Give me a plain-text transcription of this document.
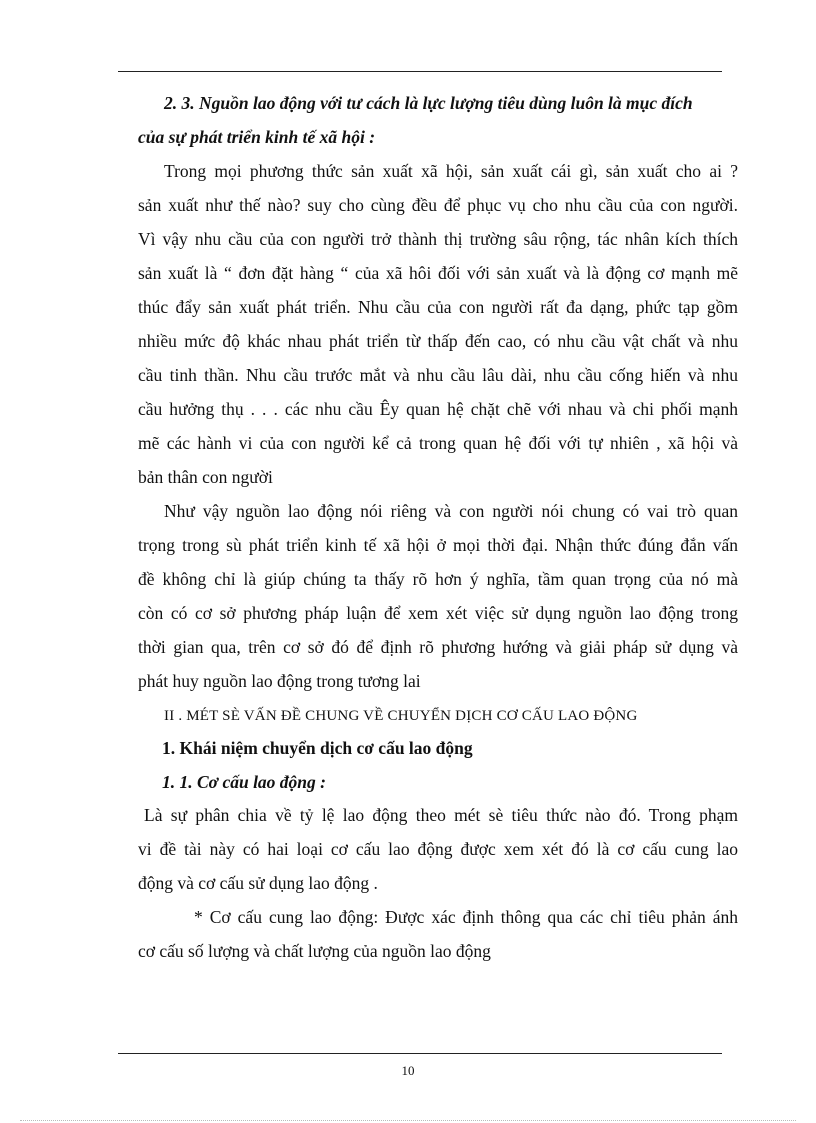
2. 3. Nguồn lao động với tư cách là lực lượng tiêu dùng luôn là mục đích
của sự phát triển kinh tế xã hội :
Trong mọi phương thức sản xuất xã hội, sản xuất cái gì, sản xuất cho ai ?
sản xuất như thế nào? suy cho cùng đều để phục vụ cho nhu cầu của con người.
Vì vậy nhu cầu của con người trở thành thị trường sâu rộng, tác nhân kích thích
sản xuất là “ đơn đặt hàng “ của xã hôi đối với sản xuất và là động cơ mạnh mẽ
thúc đẩy sản xuất phát triển. Nhu cầu của con người rất đa dạng, phức tạp gồm
nhiều mức độ khác nhau phát triển từ thấp đến cao, có nhu cầu vật chất và nhu
cầu tinh thần. Nhu cầu trước mắt và nhu cầu lâu dài, nhu cầu cống hiến và nhu
cầu hưởng thụ . . . các nhu cầu Êy quan hệ chặt chẽ với nhau và chi phối mạnh
mẽ các hành vi của con người kể cả trong quan hệ đối với tự nhiên , xã hội và
bản thân con người
Như vậy nguồn lao động nói riêng và con người nói chung có vai trò quan
trọng trong sù phát triển kinh tế xã hội ở mọi thời đại. Nhận thức đúng đắn vấn
đề không chỉ là giúp chúng ta thấy rõ hơn ý nghĩa, tầm quan trọng của nó mà
còn có cơ sở phương pháp luận để xem xét việc sử dụng nguồn lao động trong
thời gian qua, trên cơ sở đó để định rõ phương hướng và giải pháp sử dụng và
phát huy nguồn lao động trong tương lai
II . MÉT SÈ VẤN ĐỀ CHUNG VỀ CHUYỂN DỊCH CƠ CẤU LAO ĐỘNG
1. Khái niệm chuyển dịch cơ cấu lao động
1. 1. Cơ cấu lao động :
Là sự phân chia về tỷ lệ lao động theo mét sè tiêu thức nào đó. Trong phạm
vi đề tài này có hai loại cơ cấu lao động được xem xét đó là cơ cấu cung lao
động và cơ cấu sử dụng lao động .
* Cơ cấu cung lao động: Được xác định thông qua các chỉ tiêu phản ánh
cơ cấu số lượng và chất lượng của nguồn lao động
10
